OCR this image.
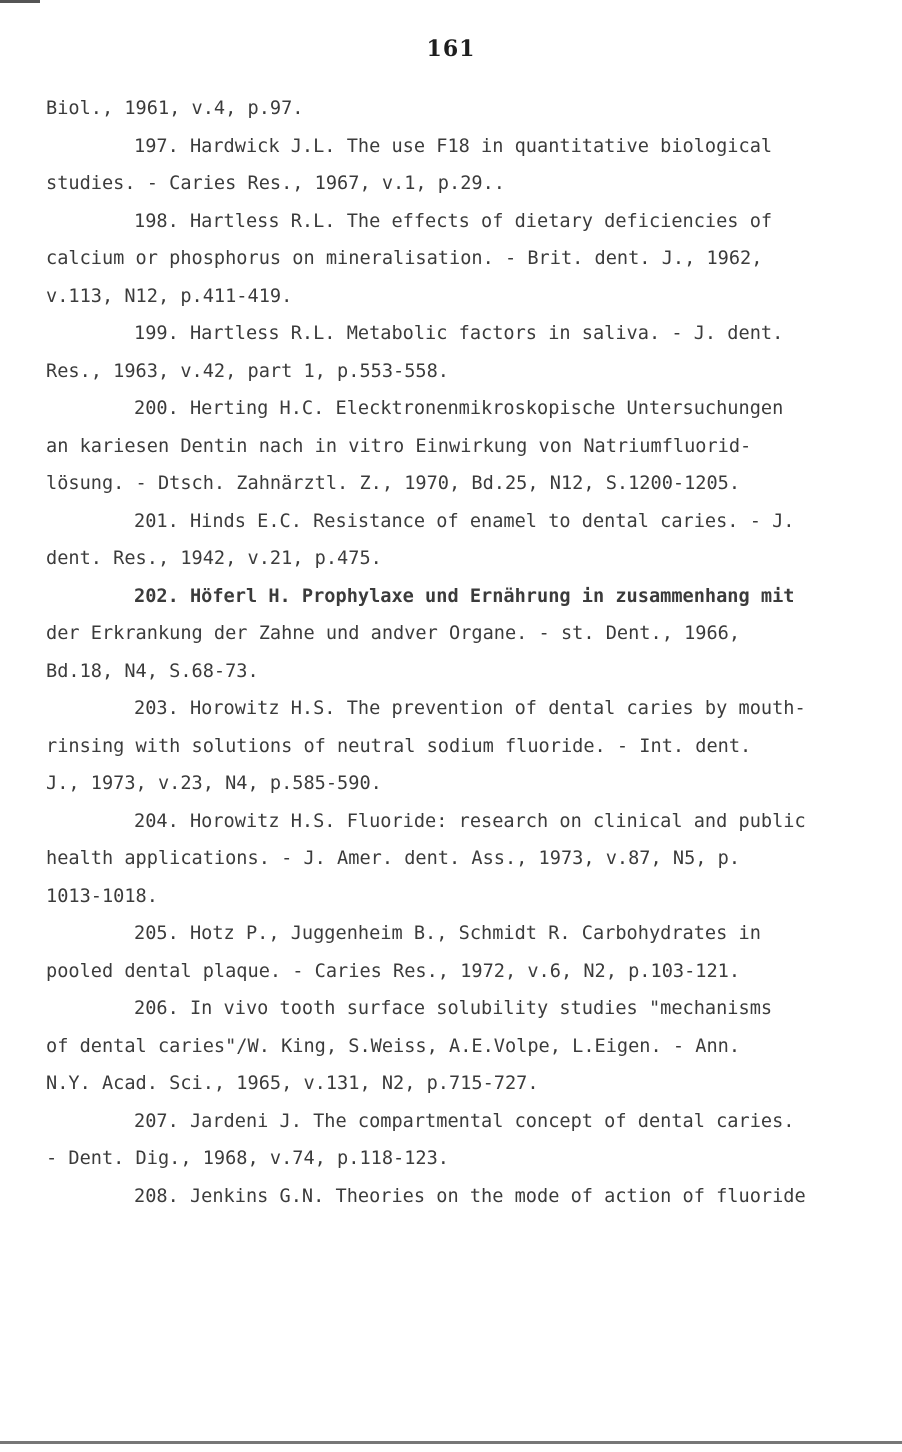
161
Biol., 1961, v.4, p.97.
197. Hardwick J.L. The use F18 in quantitative biological
studies. - Caries Res., 1967, v.1, p.29..
198. Hartless R.L. The effects of dietary deficiencies of
calcium or phosphorus on mineralisation. - Brit. dent. J., 1962,
v.113, N12, p.411-419.
199. Hartless R.L. Metabolic factors in saliva. - J. dent.
Res., 1963, v.42, part 1, p.553-558.
200. Herting H.C. Elecktronenmikroskopische Untersuchungen
an kariesen Dentin nach in vitro Einwirkung von Natriumfluorid-
lösung. - Dtsch. Zahnärztl. Z., 1970, Bd.25, N12, S.1200-1205.
201. Hinds E.C. Resistance of enamel to dental caries. - J.
dent. Res., 1942, v.21, p.475.
202. Höferl H. Prophylaxe und Ernährung in zusammenhang mit
der Erkrankung der Zahne und andver Organe. - st. Dent., 1966,
Bd.18, N4, S.68-73.
203. Horowitz H.S. The prevention of dental caries by mouth-
rinsing with solutions of neutral sodium fluoride. - Int. dent.
J., 1973, v.23, N4, p.585-590.
204. Horowitz H.S. Fluoride: research on clinical and public
health applications. - J. Amer. dent. Ass., 1973, v.87, N5, p.
1013-1018.
205. Hotz P., Juggenheim B., Schmidt R. Carbohydrates in
pooled dental plaque. - Caries Res., 1972, v.6, N2, p.103-121.
206. In vivo tooth surface solubility studies "mechanisms
of dental caries"/W. King, S.Weiss, A.E.Volpe, L.Eigen. - Ann.
N.Y. Acad. Sci., 1965, v.131, N2, p.715-727.
207. Jardeni J. The compartmental concept of dental caries.
- Dent. Dig., 1968, v.74, p.118-123.
208. Jenkins G.N. Theories on the mode of action of fluoride
